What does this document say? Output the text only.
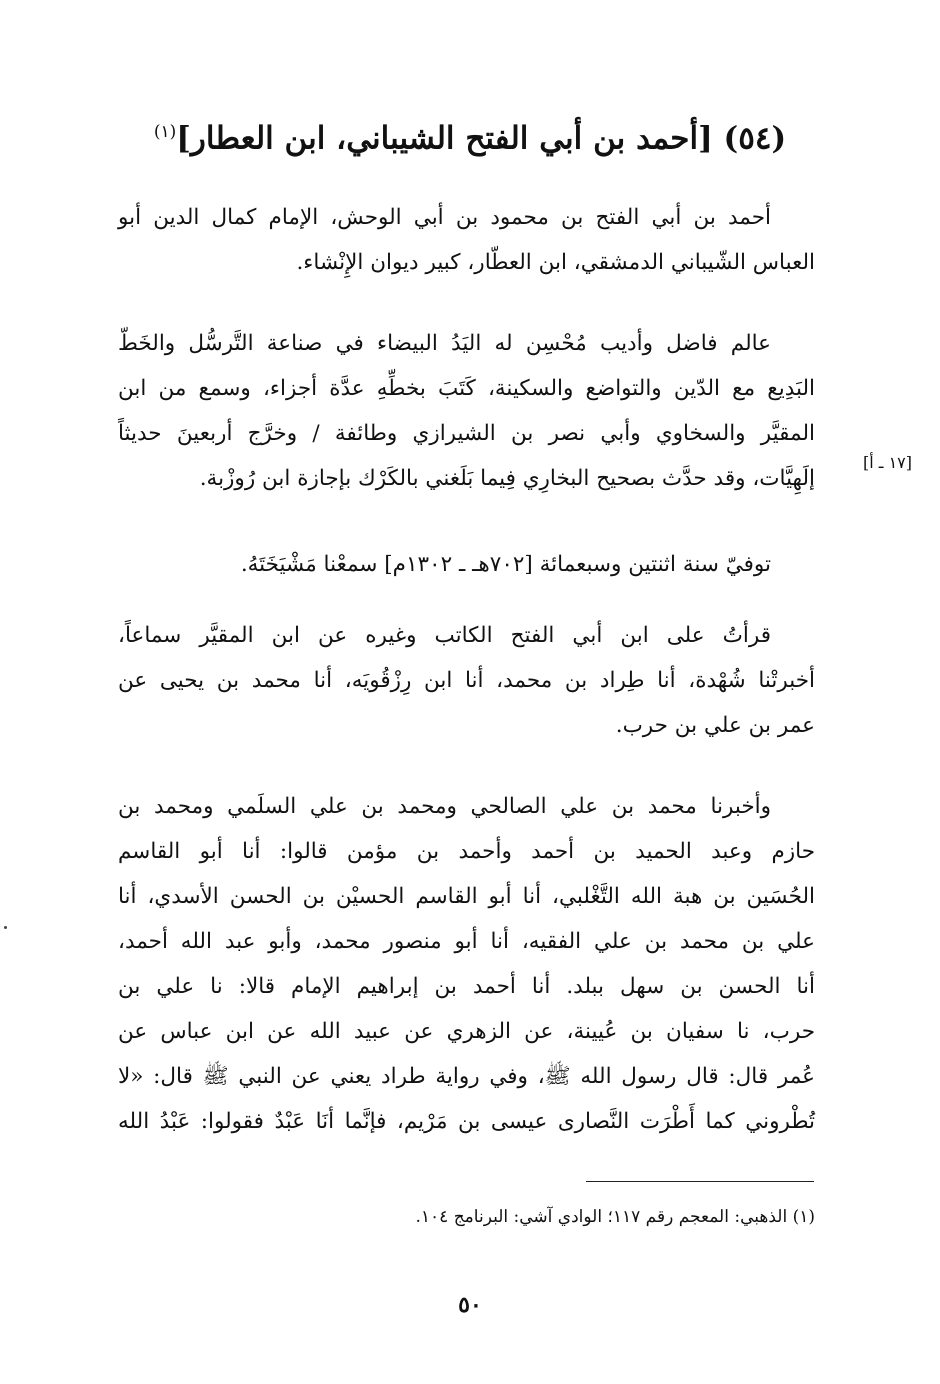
(٥٤) [أحمد بن أبي الفتح الشيباني، ابن العطار]$^{(١)}$
أحمد بن أبي الفتح بن محمود بن أبي الوحش، الإمام كمال الدين أبو
العباس الشّيباني الدمشقي، ابن العطّار، كبير ديوان الإِنْشاء.
عالم فاضل وأديب مُحْسِن له اليَدُ البيضاء في صناعة التَّرسُّل والخَطّ
البَدِيع مع الدّين والتواضع والسكينة، كَتَبَ بخطِّهِ عدَّة أجزاء، وسمع من ابن
المقيَّر والسخاوي وأبي نصر بن الشيرازي وطائفة / وخرَّج أربعينَ حديثاً
إلَهِيَّات، وقد حدَّث بصحيح البخارِي فِيما بَلَغني بالكَرْك بإجازة ابن رُوزْبة.
[١٧ ـ أ]
توفيّ سنة اثنتين وسبعمائة [٧٠٢هـ ـ ١٣٠٢م] سمعْنا مَشْيَخَتَهُ.
قرأتُ على ابن أبي الفتح الكاتب وغيره عن ابن المقيَّر سماعاً،
أخبرتْنا شُهْدة، أنا طِراد بن محمد، أنا ابن رِزْقُويَه، أنا محمد بن يحيى عن
عمر بن علي بن حرب.
وأخبرنا محمد بن علي الصالحي ومحمد بن علي السلَمي ومحمد بن
حازم وعبد الحميد بن أحمد وأحمد بن مؤمن قالوا: أنا أبو القاسم
الحُسَين بن هبة الله التَّغْلبي، أنا أبو القاسم الحسيْن بن الحسن الأسدي، أنا
علي بن محمد بن علي الفقيه، أنا أبو منصور محمد، وأبو عبد الله أحمد،
أنا الحسن بن سهل ببلد. أنا أحمد بن إبراهيم الإمام قالا: نا علي بن
حرب، نا سفيان بن عُيينة، عن الزهري عن عبيد الله عن ابن عباس عن
عُمر قال: قال رسول الله ﷺ، وفي رواية طراد يعني عن النبي ﷺ قال: «لا
تُطْروني كما أَطْرَت النَّصارى عيسى بن مَرْيم، فإنَّما أنَا عَبْدٌ فقولوا: عَبْدُ الله
(١) الذهبي: المعجم رقم ١١٧؛ الوادي آشي: البرنامج ١٠٤.
٥٠
